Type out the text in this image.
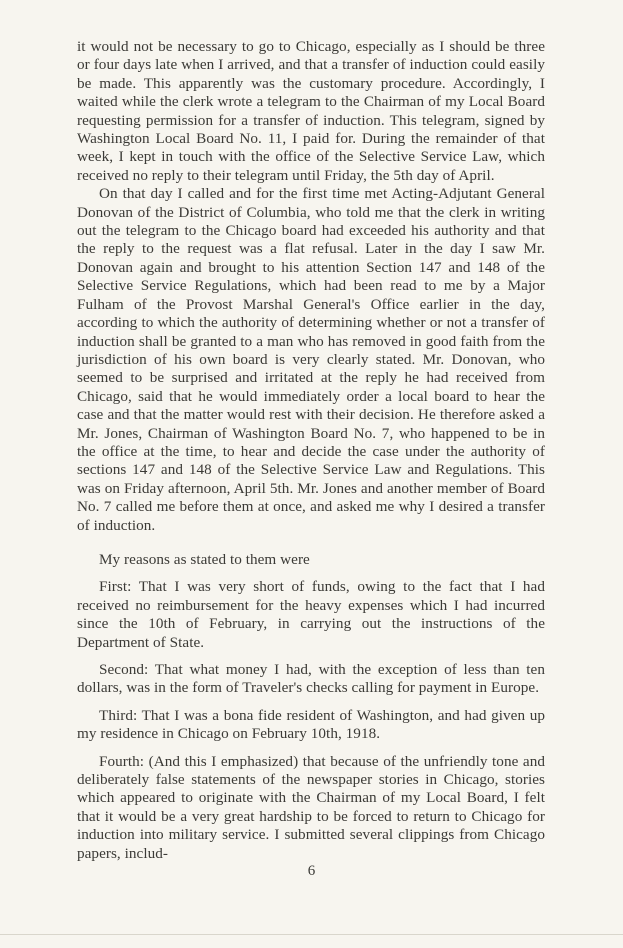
it would not be necessary to go to Chicago, especially as I should be three or four days late when I arrived, and that a transfer of induction could easily be made. This apparently was the customary procedure. Accordingly, I waited while the clerk wrote a telegram to the Chairman of my Local Board requesting permission for a transfer of induction. This telegram, signed by Washington Local Board No. 11, I paid for. During the remainder of that week, I kept in touch with the office of the Selective Service Law, which received no reply to their telegram until Friday, the 5th day of April.

On that day I called and for the first time met Acting-Adjutant General Donovan of the District of Columbia, who told me that the clerk in writing out the telegram to the Chicago board had exceeded his authority and that the reply to the request was a flat refusal. Later in the day I saw Mr. Donovan again and brought to his attention Section 147 and 148 of the Selective Service Regulations, which had been read to me by a Major Fulham of the Provost Marshal General's Office earlier in the day, according to which the authority of determining whether or not a transfer of induction shall be granted to a man who has removed in good faith from the jurisdiction of his own board is very clearly stated. Mr. Donovan, who seemed to be surprised and irritated at the reply he had received from Chicago, said that he would immediately order a local board to hear the case and that the matter would rest with their decision. He therefore asked a Mr. Jones, Chairman of Washington Board No. 7, who happened to be in the office at the time, to hear and decide the case under the authority of sections 147 and 148 of the Selective Service Law and Regulations. This was on Friday afternoon, April 5th. Mr. Jones and another member of Board No. 7 called me before them at once, and asked me why I desired a transfer of induction.

My reasons as stated to them were

First: That I was very short of funds, owing to the fact that I had received no reimbursement for the heavy expenses which I had incurred since the 10th of February, in carrying out the instructions of the Department of State.

Second: That what money I had, with the exception of less than ten dollars, was in the form of Traveler's checks calling for payment in Europe.

Third: That I was a bona fide resident of Washington, and had given up my residence in Chicago on February 10th, 1918.

Fourth: (And this I emphasized) that because of the unfriendly tone and deliberately false statements of the newspaper stories in Chicago, stories which appeared to originate with the Chairman of my Local Board, I felt that it would be a very great hardship to be forced to return to Chicago for induction into military service. I submitted several clippings from Chicago papers, includ-

6
